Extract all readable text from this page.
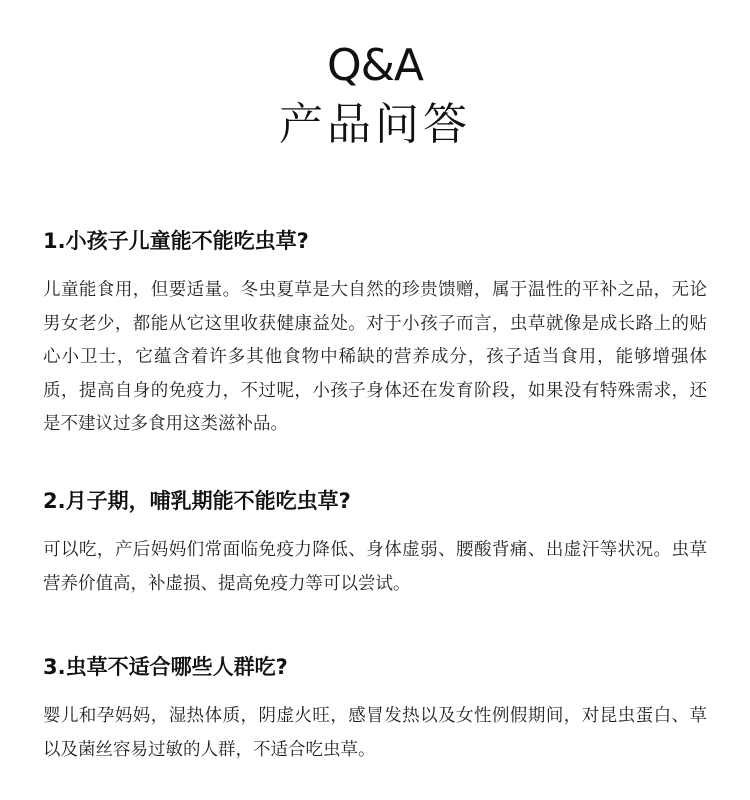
Q&A
产品问答
1.小孩子儿童能不能吃虫草?

儿童能食用，但要适量。冬虫夏草是大自然的珍贵馈赠，属于温性的平补之品，无论男女老少，都能从它这里收获健康益处。对于小孩子而言，虫草就像是成长路上的贴心小卫士，它蕴含着许多其他食物中稀缺的营养成分，孩子适当食用，能够增强体质，提高自身的免疫力，不过呢，小孩子身体还在发育阶段，如果没有特殊需求，还是不建议过多食用这类滋补品。

2.月子期，哺乳期能不能吃虫草?

可以吃，产后妈妈们常面临免疫力降低、身体虚弱、腰酸背痛、出虚汗等状况。虫草营养价值高，补虚损、提高免疫力等可以尝试。

3.虫草不适合哪些人群吃?

婴儿和孕妈妈，湿热体质，阴虚火旺，感冒发热以及女性例假期间，对昆虫蛋白、草以及菌丝容易过敏的人群，不适合吃虫草。
